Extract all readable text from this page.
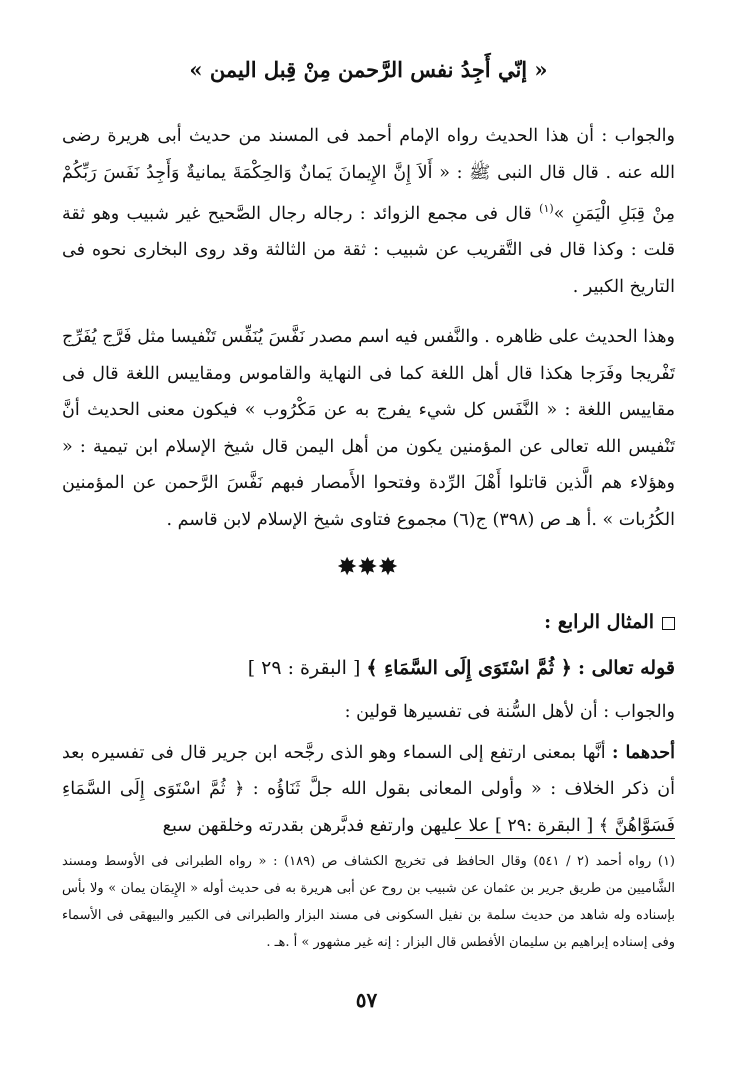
« إنّي أَجِدُ نفس الرَّحمن مِنْ قِبل اليمن »

والجواب : أن هذا الحديث رواه الإمام أحمد فى المسند من حديث أبى هريرة رضى الله عنه . قال قال النبى ﷺ : « أَلاَ إِنَّ الإِيمانَ يَمانٌ وَالحِكْمَةَ يمانيةٌ وَأَجِدُ نَفَسَ رَبِّكُمْ مِنْ قِبَلِ الْيَمَنِ »$^{(١)}$ قال فى مجمع الزوائد : رجاله رجال الصَّحيح غير شبيب وهو ثقة قلت : وكذا قال فى التَّقريب عن شبيب : ثقة من الثالثة وقد روى البخارى نحوه فى التاريخ الكبير .

وهذا الحديث على ظاهره . والنَّفس فيه اسم مصدر نَفَّسَ يُنَفِّس تَنْفيسا مثل فَرَّج يُفَرِّج تَفْريجا وفَرَجا هكذا قال أهل اللغة كما فى النهاية والقاموس ومقاييس اللغة قال فى مقاييس اللغة : « النَّفَس كل شيء يفرج به عن مَكْرُوب » فيكون معنى الحديث أنَّ تَنْفيس الله تعالى عن المؤمنين يكون من أهل اليمن قال شيخ الإسلام ابن تيمية : « وهؤلاء هم الَّذين قاتلوا أَهْلَ الرِّدة وفتحوا الأَمصار فبهم نَفَّسَ الرَّحمن عن المؤمنين الكُرُبات » .أ هـ ص (٣٩٨) ج(٦) مجموع فتاوى شيخ الإسلام لابن قاسم .

✸✸✸
المثال الرابع :
قوله تعالى : ﴿ ثُمَّ اسْتَوَى إِلَى السَّمَاءِ ﴾ [ البقرة : ٢٩ ]

والجواب : أن لأهل السُّنة فى تفسيرها قولين :

أحدهما : أنَّها بمعنى ارتفع إلى السماء وهو الذى رجَّحه ابن جرير قال فى تفسيره بعد أن ذكر الخلاف : « وأولى المعانى بقول الله جلَّ ثَنَاؤُه : ﴿ ثُمَّ اسْتَوَى إِلَى السَّمَاءِ فَسَوَّاهُنَّ ﴾ [ البقرة :٢٩ ] علا عليهن وارتفع فدبَّرهن بقدرته وخلقهن سبع

(١) رواه أحمد (٢ / ٥٤١) وقال الحافظ فى تخريج الكشاف ص (١٨٩) : « رواه الطبرانى فى الأوسط ومسند الشَّاميين من طريق جرير بن عثمان عن شبيب بن روح عن أبى هريرة به فى حديث أوله « الإِيمَان يمان » ولا بأس بإسناده وله شاهد من حديث سلمة بن نفيل السكونى فى مسند البزار والطبرانى فى الكبير والبيهقى فى الأسماء وفى إسناده إبراهيم بن سليمان الأفطس قال البزار : إنه غير مشهور » أ .هـ .

٥٧
